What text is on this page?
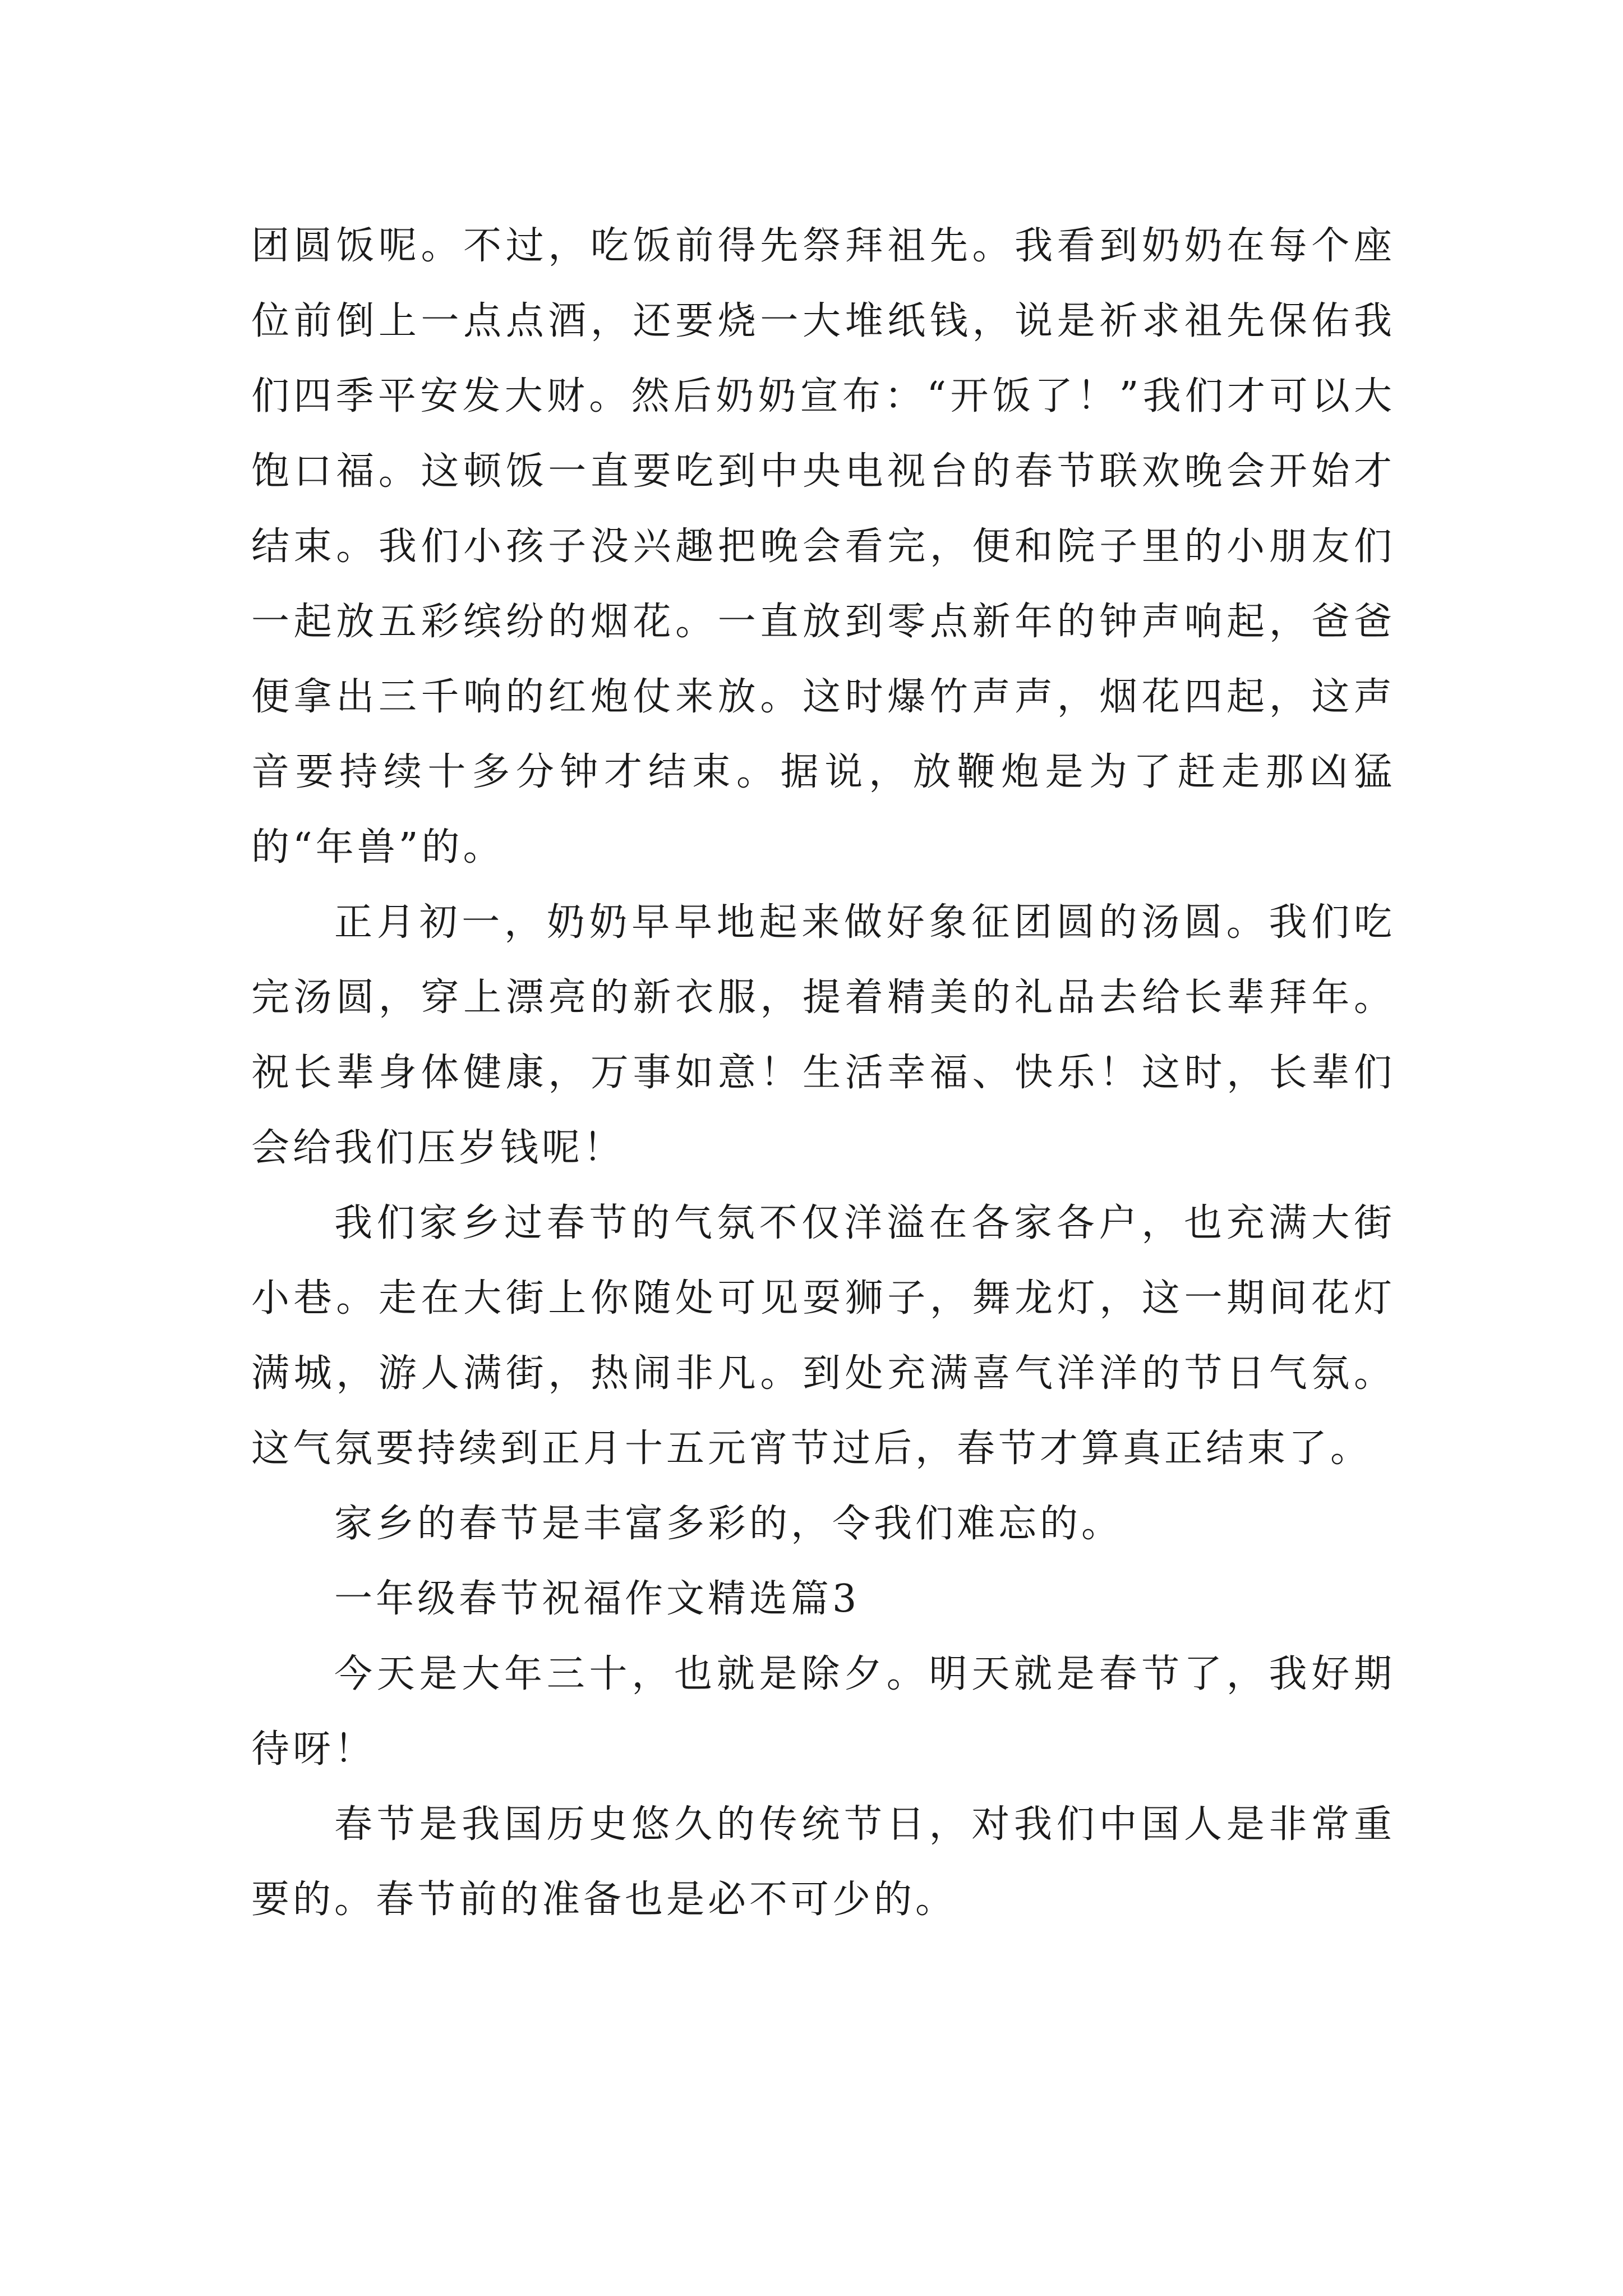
团圆饭呢。不过，吃饭前得先祭拜祖先。我看到奶奶在每个座位前倒上一点点酒，还要烧一大堆纸钱，说是祈求祖先保佑我们四季平安发大财。然后奶奶宣布：“开饭了！”我们才可以大饱口福。这顿饭一直要吃到中央电视台的春节联欢晚会开始才结束。我们小孩子没兴趣把晚会看完，便和院子里的小朋友们一起放五彩缤纷的烟花。一直放到零点新年的钟声响起，爸爸便拿出三千响的红炮仗来放。这时爆竹声声，烟花四起，这声音要持续十多分钟才结束。据说，放鞭炮是为了赶走那凶猛的“年兽”的。

正月初一，奶奶早早地起来做好象征团圆的汤圆。我们吃完汤圆，穿上漂亮的新衣服，提着精美的礼品去给长辈拜年。祝长辈身体健康，万事如意！生活幸福、快乐！这时，长辈们会给我们压岁钱呢！

我们家乡过春节的气氛不仅洋溢在各家各户，也充满大街小巷。走在大街上你随处可见耍狮子，舞龙灯，这一期间花灯满城，游人满街，热闹非凡。到处充满喜气洋洋的节日气氛。这气氛要持续到正月十五元宵节过后，春节才算真正结束了。

家乡的春节是丰富多彩的，令我们难忘的。

一年级春节祝福作文精选篇3

今天是大年三十，也就是除夕。明天就是春节了，我好期待呀！

春节是我国历史悠久的传统节日，对我们中国人是非常重要的。春节前的准备也是必不可少的。
